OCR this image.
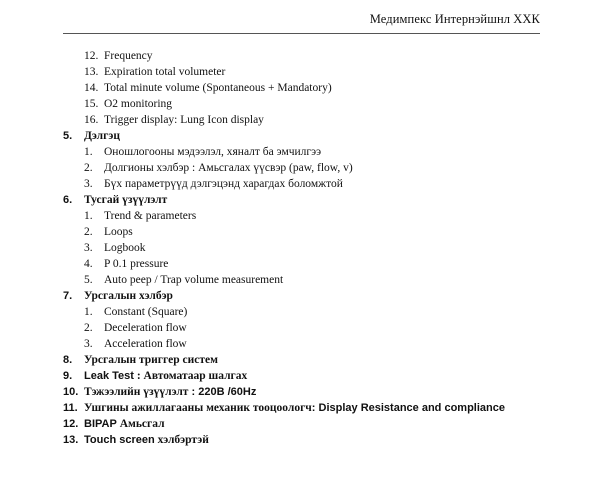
Медимпекс Интернэйшнл ХХК
12. Frequency
13. Expiration total volumeter
14. Total minute volume (Spontaneous + Mandatory)
15. O2 monitoring
16. Trigger display: Lung Icon display
5. Дэлгэц
1. Оношлогооны мэдээлэл, хяналт ба эмчилгээ
2. Долгионы хэлбэр : Амьсгалах үүсвэр (paw, flow, v)
3. Бүх параметрүүд дэлгэцэнд харагдах боломжтой
6. Тусгай үзүүлэлт
1. Trend & parameters
2. Loops
3. Logbook
4. P 0.1 pressure
5. Auto peep / Trap volume measurement
7. Урсгалын хэлбэр
1. Constant (Square)
2. Deceleration flow
3. Acceleration flow
8. Урсгалын триггер систем
9. Leak Test : Автоматаар шалгах
10. Тэжээлийн үзүүлэлт : 220В /60Hz
11. Ушгины ажиллагааны механик тооцоологч: Display Resistance and compliance
12. BIPAP Амьсгал
13. Touch screen хэлбэртэй
